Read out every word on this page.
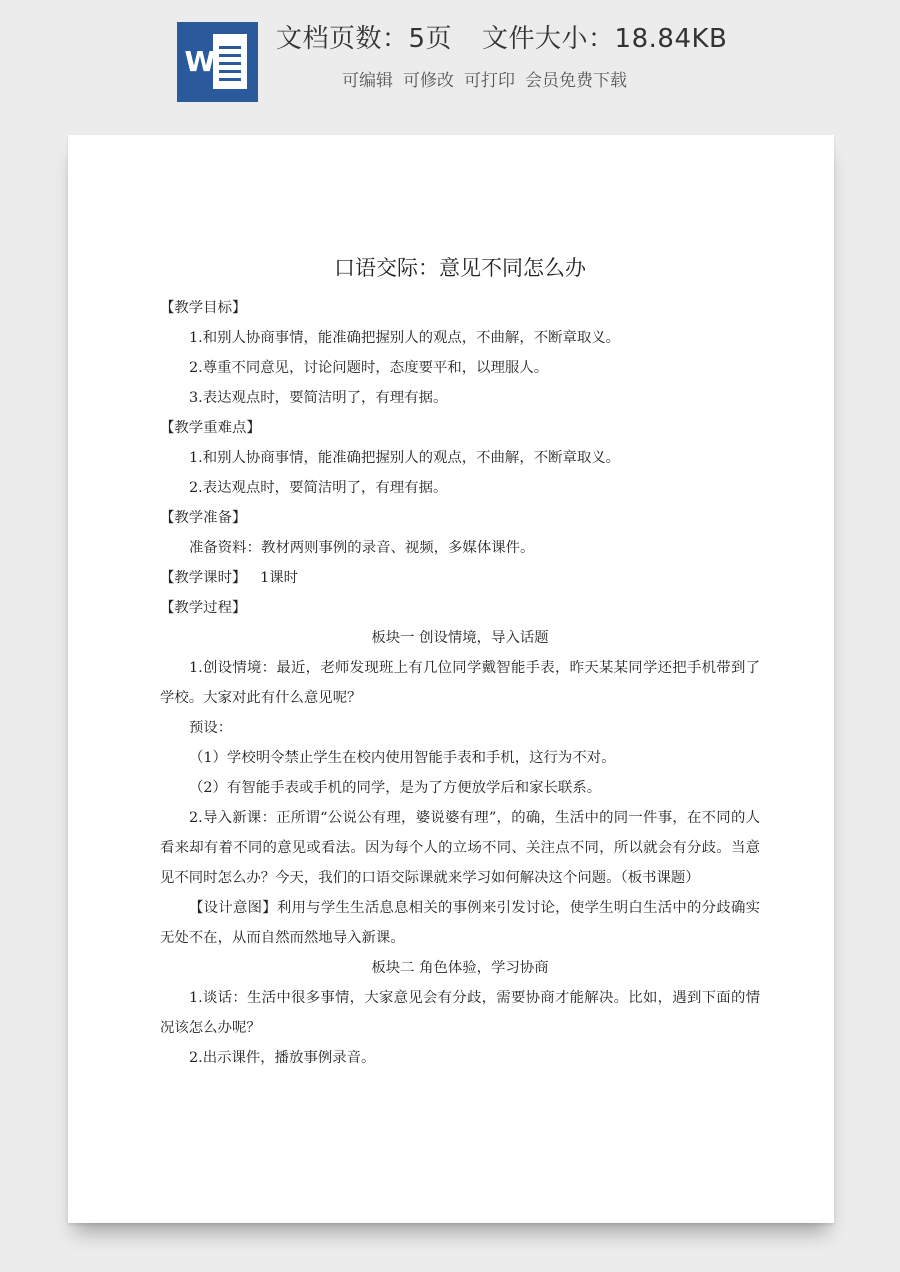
W
文档页数：5页 文件大小：18.84KB
可编辑 可修改 可打印 会员免费下载
口语交际：意见不同怎么办
【教学目标】
1.和别人协商事情，能准确把握别人的观点，不曲解，不断章取义。
2.尊重不同意见，讨论问题时，态度要平和，以理服人。
3.表达观点时，要简洁明了，有理有据。
【教学重难点】
1.和别人协商事情，能准确把握别人的观点，不曲解，不断章取义。
2.表达观点时，要简洁明了，有理有据。
【教学准备】
准备资料：教材两则事例的录音、视频，多媒体课件。
【教学课时】 1课时
【教学过程】
板块一 创设情境，导入话题
1.创设情境：最近，老师发现班上有几位同学戴智能手表，昨天某某同学还把手机带到了学校。大家对此有什么意见呢？
预设：
（1）学校明令禁止学生在校内使用智能手表和手机，这行为不对。
（2）有智能手表或手机的同学，是为了方便放学后和家长联系。
2.导入新课：正所谓“公说公有理，婆说婆有理”，的确，生活中的同一件事，在不同的人看来却有着不同的意见或看法。因为每个人的立场不同、关注点不同，所以就会有分歧。当意见不同时怎么办？今天，我们的口语交际课就来学习如何解决这个问题。（板书课题）
【设计意图】利用与学生生活息息相关的事例来引发讨论，使学生明白生活中的分歧确实无处不在，从而自然而然地导入新课。
板块二 角色体验，学习协商
1.谈话：生活中很多事情，大家意见会有分歧，需要协商才能解决。比如，遇到下面的情况该怎么办呢？
2.出示课件，播放事例录音。
